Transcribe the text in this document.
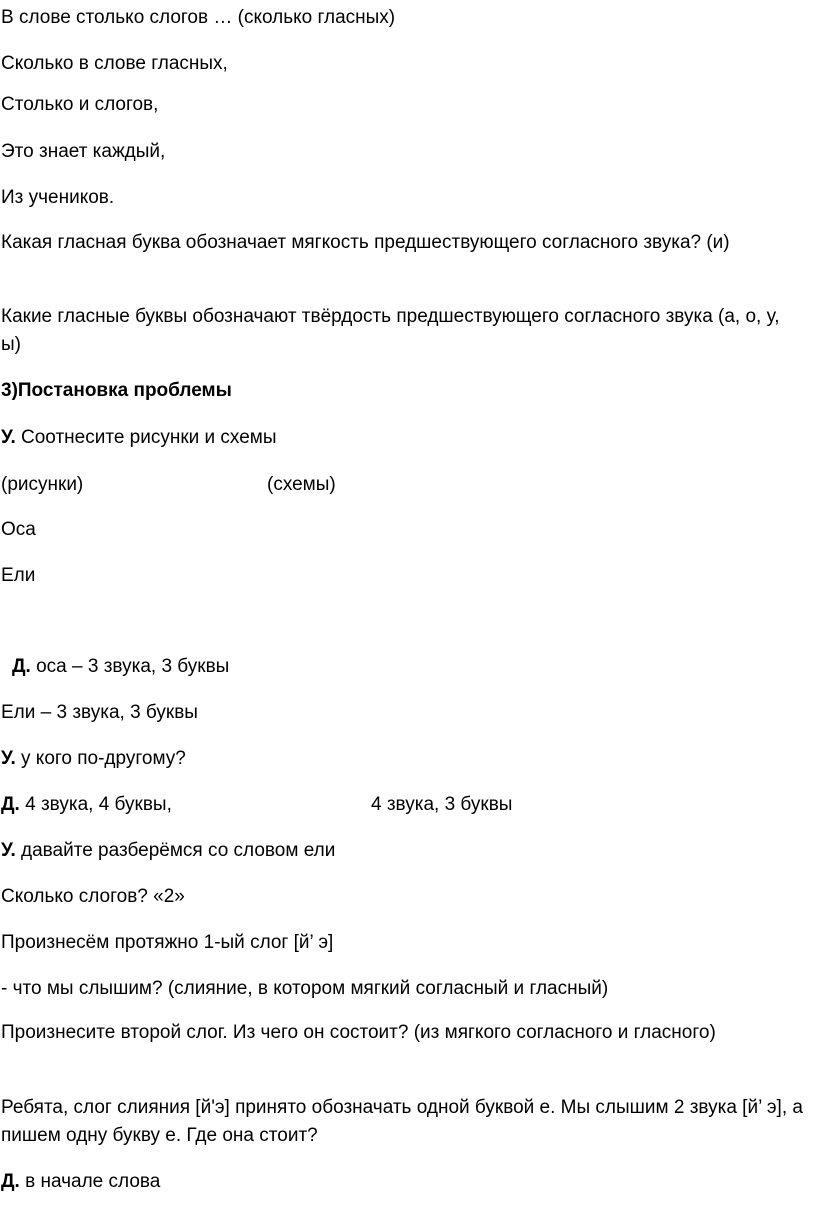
В слове столько слогов … (сколько гласных)

Сколько в слове гласных,

Столько и слогов,

Это знает каждый,

Из учеников.

Какая гласная буква обозначает мягкость предшествующего согласного звука? (и)

Какие гласные буквы обозначают твёрдость предшествующего согласного звука (а, о, у, ы)

3)Постановка проблемы

У. Соотнесите рисунки и схемы

(рисунки)	(схемы)

Оса

Ели

Д. оса – 3 звука, 3 буквы

Ели – 3 звука, 3 буквы

У. у кого по-другому?

Д. 4 звука, 4 буквы,	4 звука, 3 буквы

У. давайте разберёмся со словом ели

Сколько слогов? «2»

Произнесём протяжно 1-ый слог [й’ э]

- что мы слышим? (слияние, в котором мягкий согласный и гласный)

Произнесите второй слог. Из чего он состоит? (из мягкого согласного и гласного)

Ребята, слог слияния [й'э] принято обозначать одной буквой е. Мы слышим 2 звука [й’ э], а пишем одну букву е. Где она стоит?

Д. в начале слова
